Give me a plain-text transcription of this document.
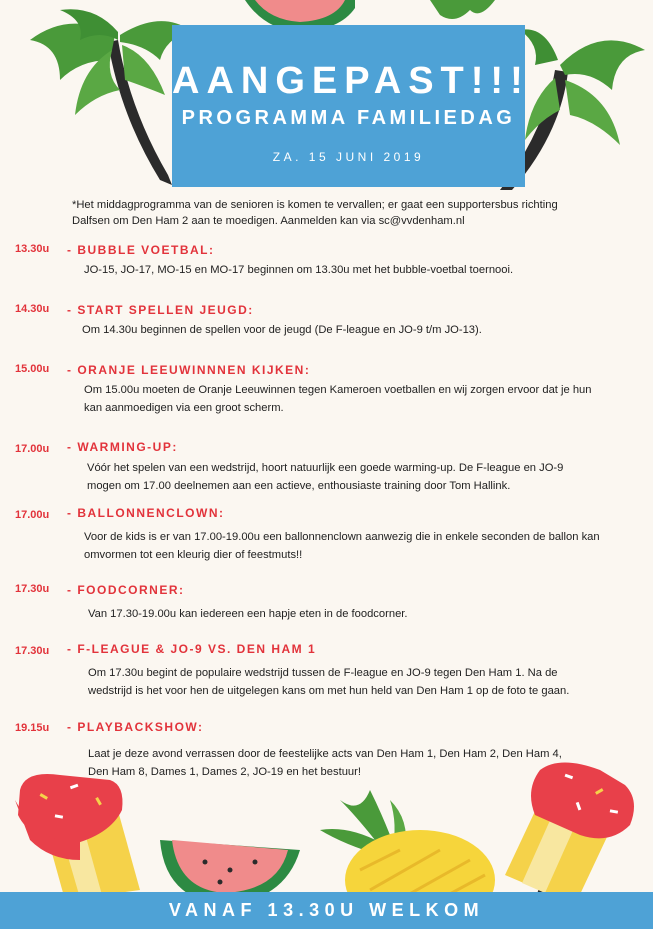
AANGEPAST!!!
PROGRAMMA FAMILIEDAG
ZA. 15 JUNI 2019
*Het middagprogramma van de senioren is komen te vervallen; er gaat een supportersbus richting Dalfsen om Den Ham 2 aan te moedigen. Aanmelden kan via sc@vvdenham.nl
13.30u - BUBBLE VOETBAL:
JO-15, JO-17, MO-15 en MO-17 beginnen om 13.30u met het bubble-voetbal toernooi.
14.30u - START SPELLEN JEUGD:
Om 14.30u beginnen de spellen voor de jeugd (De F-league en JO-9 t/m JO-13).
15.00u - ORANJE LEEUWINNNEN KIJKEN:
Om 15.00u moeten de Oranje Leeuwinnen tegen Kameroen voetballen en wij zorgen ervoor dat je hun kan aanmoedigen via een groot scherm.
17.00u - WARMING-UP:
Vóór het spelen van een wedstrijd, hoort natuurlijk een goede warming-up. De F-league en JO-9 mogen om 17.00 deelnemen aan een actieve, enthousiaste training door Tom Hallink.
17.00u - BALLONNENCLOWN:
Voor de kids is er van 17.00-19.00u een ballonnenclown aanwezig die in enkele seconden de ballon kan omvormen tot een kleurig dier of feestmuts!!
17.30u - FOODCORNER:
Van 17.30-19.00u kan iedereen een hapje eten in de foodcorner.
17.30u - F-LEAGUE & JO-9 VS. DEN HAM 1
Om 17.30u begint de populaire wedstrijd tussen de F-league en JO-9 tegen Den Ham 1. Na de wedstrijd is het voor hen de uitgelegen kans om met hun held van Den Ham 1 op de foto te gaan.
19.15u - PLAYBACKSHOW:
Laat je deze avond verrassen door de feestelijke acts van Den Ham 1, Den Ham 2, Den Ham 4, Den Ham 8, Dames 1, Dames 2, JO-19 en het bestuur!
VANAF 13.30U WELKOM
